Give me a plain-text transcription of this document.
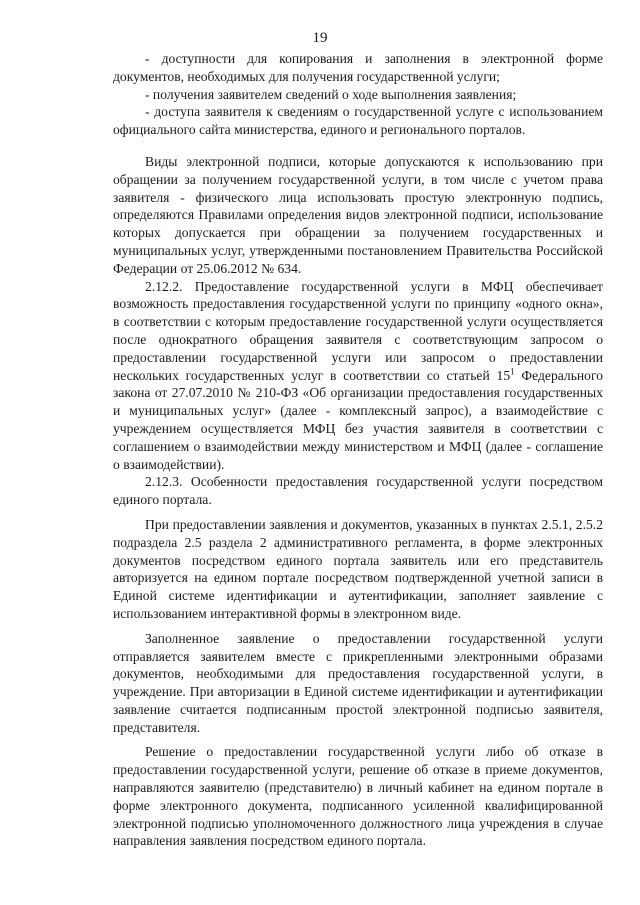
19

- доступности для копирования и заполнения в электронной форме документов, необходимых для получения государственной услуги;

- получения заявителем сведений о ходе выполнения заявления;

- доступа заявителя к сведениям о государственной услуге с использованием официального сайта министерства, единого и регионального порталов.

Виды электронной подписи, которые допускаются к использованию при обращении за получением государственной услуги, в том числе с учетом права заявителя - физического лица использовать простую электронную подпись, определяются Правилами определения видов электронной подписи, использование которых допускается при обращении за получением государственных и муниципальных услуг, утвержденными постановлением Правительства Российской Федерации от 25.06.2012 № 634.

2.12.2. Предоставление государственной услуги в МФЦ обеспечивает возможность предоставления государственной услуги по принципу «одного окна», в соответствии с которым предоставление государственной услуги осуществляется после однократного обращения заявителя с соответствующим запросом о предоставлении государственной услуги или запросом о предоставлении нескольких государственных услуг в соответствии со статьей $15^1$ Федерального закона от 27.07.2010 № 210-ФЗ «Об организации предоставления государственных и муниципальных услуг» (далее - комплексный запрос), а взаимодействие с учреждением осуществляется МФЦ без участия заявителя в соответствии с соглашением о взаимодействии между министерством и МФЦ (далее - соглашение о взаимодействии).

2.12.3. Особенности предоставления государственной услуги посредством единого портала.

При предоставлении заявления и документов, указанных в пунктах 2.5.1, 2.5.2 подраздела 2.5 раздела 2 административного регламента, в форме электронных документов посредством единого портала заявитель или его представитель авторизуется на едином портале посредством подтвержденной учетной записи в Единой системе идентификации и аутентификации, заполняет заявление с использованием интерактивной формы в электронном виде.

Заполненное заявление о предоставлении государственной услуги отправляется заявителем вместе с прикрепленными электронными образами документов, необходимыми для предоставления государственной услуги, в учреждение. При авторизации в Единой системе идентификации и аутентификации заявление считается подписанным простой электронной подписью заявителя, представителя.

Решение о предоставлении государственной услуги либо об отказе в предоставлении государственной услуги, решение об отказе в приеме документов, направляются заявителю (представителю) в личный кабинет на едином портале в форме электронного документа, подписанного усиленной квалифицированной электронной подписью уполномоченного должностного лица учреждения в случае направления заявления посредством единого портала.
